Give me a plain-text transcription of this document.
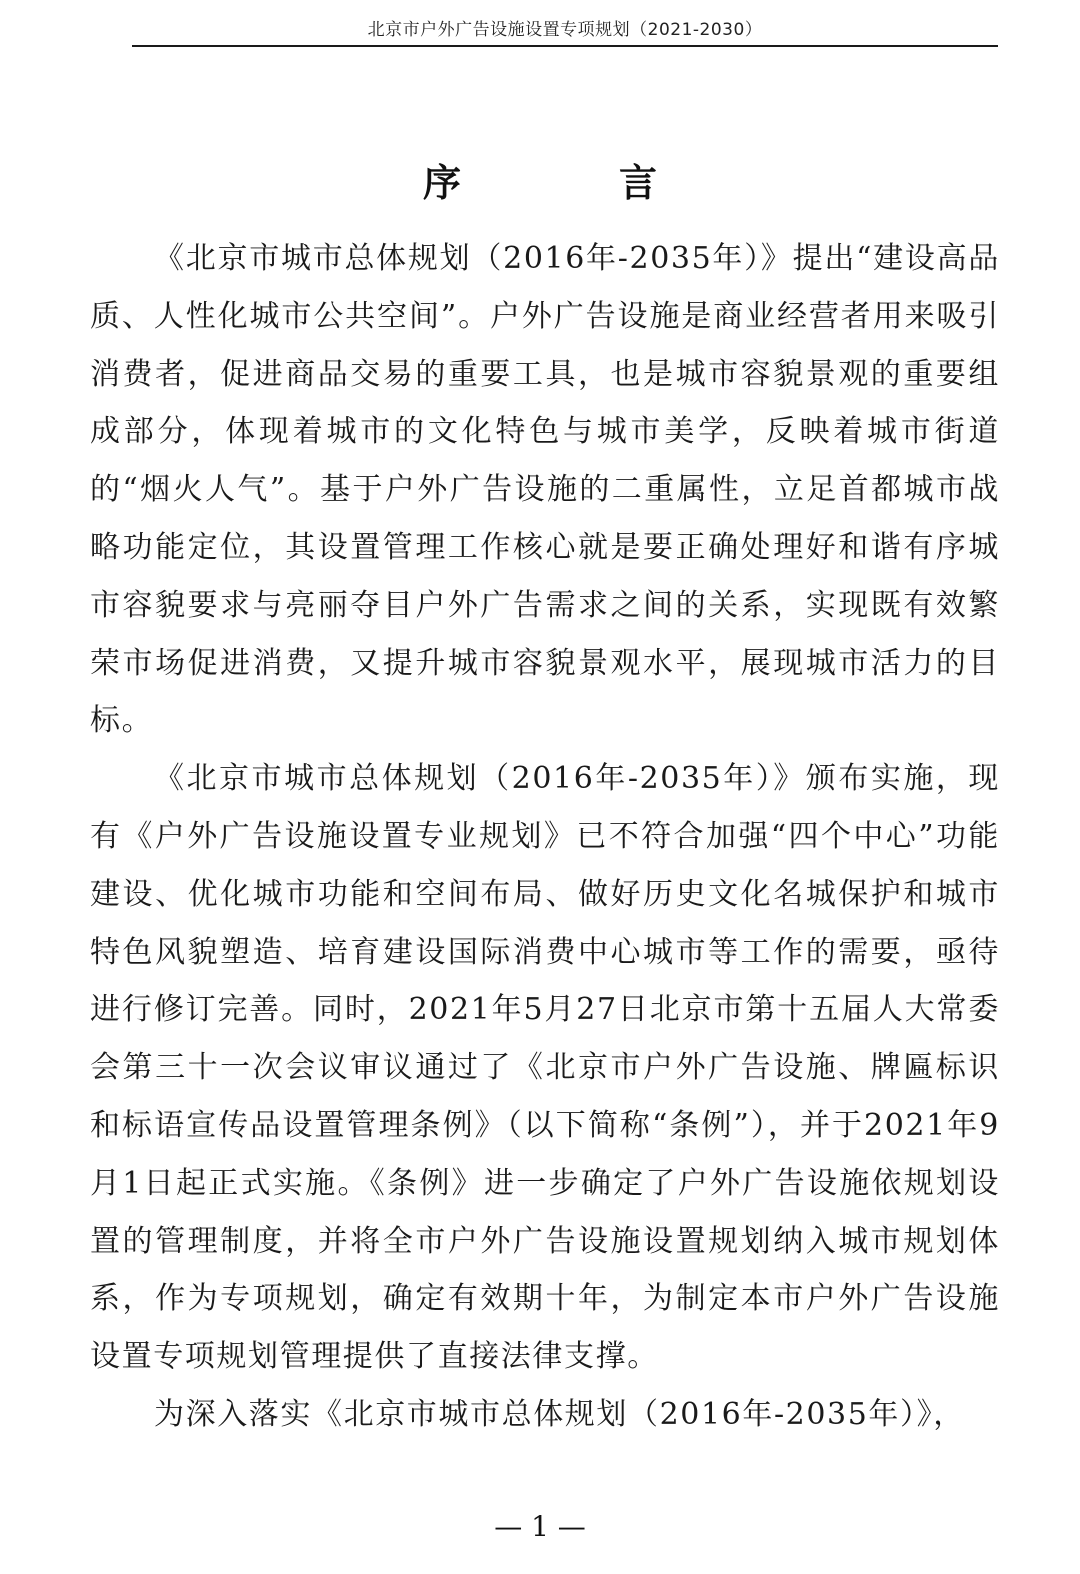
北京市户外广告设施设置专项规划（2021-2030）
序　言

《北京市城市总体规划（2016年-2035年）》提出“建设高品质、人性化城市公共空间”。户外广告设施是商业经营者用来吸引消费者，促进商品交易的重要工具，也是城市容貌景观的重要组成部分，体现着城市的文化特色与城市美学，反映着城市街道的“烟火人气”。基于户外广告设施的二重属性，立足首都城市战略功能定位，其设置管理工作核心就是要正确处理好和谐有序城市容貌要求与亮丽夺目户外广告需求之间的关系，实现既有效繁荣市场促进消费，又提升城市容貌景观水平，展现城市活力的目标。

《北京市城市总体规划（2016年-2035年）》颁布实施，现有《户外广告设施设置专业规划》已不符合加强“四个中心”功能建设、优化城市功能和空间布局、做好历史文化名城保护和城市特色风貌塑造、培育建设国际消费中心城市等工作的需要，亟待进行修订完善。同时，2021年5月27日北京市第十五届人大常委会第三十一次会议审议通过了《北京市户外广告设施、牌匾标识和标语宣传品设置管理条例》（以下简称“条例”），并于2021年9月1日起正式实施。《条例》进一步确定了户外广告设施依规划设置的管理制度，并将全市户外广告设施设置规划纳入城市规划体系，作为专项规划，确定有效期十年，为制定本市户外广告设施设置专项规划管理提供了直接法律支撑。

为深入落实《北京市城市总体规划（2016年-2035年）》，

— 1 —
